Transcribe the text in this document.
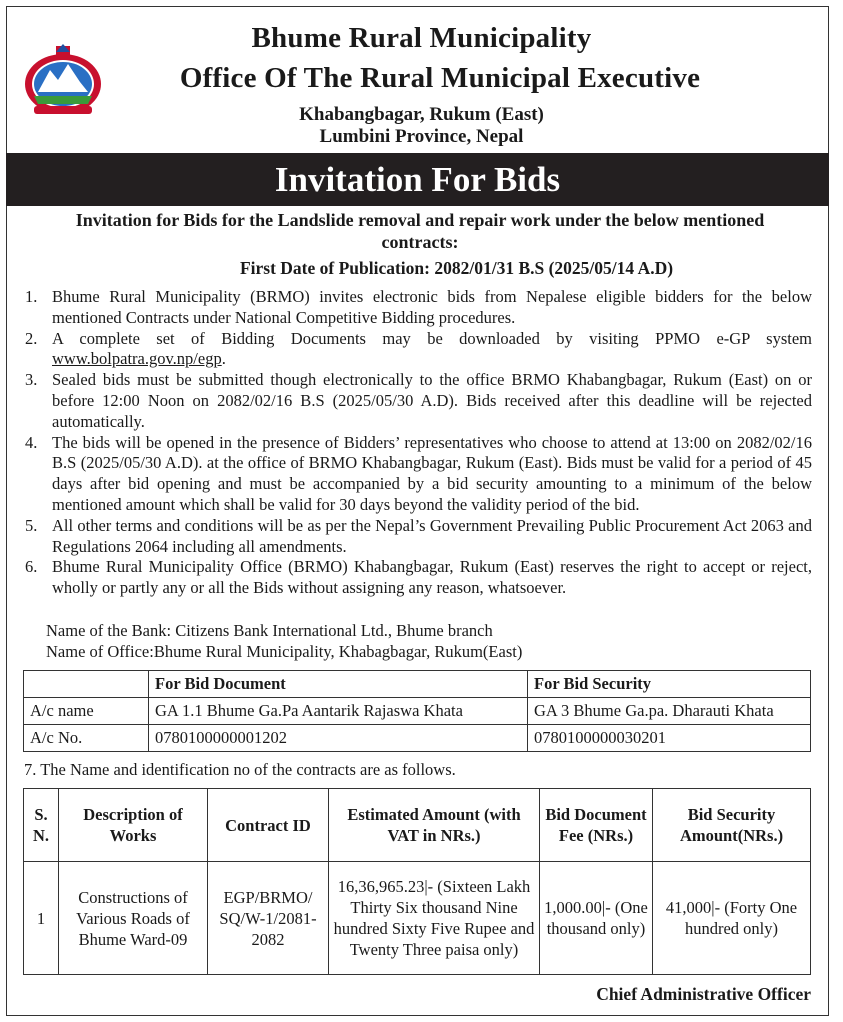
Bhume Rural Municipality
Office Of The Rural Municipal Executive
Khabangbagar, Rukum (East)
Lumbini Province, Nepal
Invitation For Bids
Invitation for Bids for the Landslide removal and repair work under the below mentioned contracts:
First Date of Publication: 2082/01/31 B.S (2025/05/14 A.D)
1. Bhume Rural Municipality (BRMO) invites electronic bids from Nepalese eligible bidders for the below mentioned Contracts under National Competitive Bidding procedures.
2. A complete set of Bidding Documents may be downloaded by visiting PPMO e-GP system www.bolpatra.gov.np/egp.
3. Sealed bids must be submitted though electronically to the office BRMO Khabangbagar, Rukum (East) on or before 12:00 Noon on 2082/02/16 B.S (2025/05/30 A.D). Bids received after this deadline will be rejected automatically.
4. The bids will be opened in the presence of Bidders’ representatives who choose to attend at 13:00 on 2082/02/16 B.S (2025/05/30 A.D). at the office of BRMO Khabangbagar, Rukum (East). Bids must be valid for a period of 45 days after bid opening and must be accompanied by a bid security amounting to a minimum of the below mentioned amount which shall be valid for 30 days beyond the validity period of the bid.
5. All other terms and conditions will be as per the Nepal’s Government Prevailing Public Procurement Act 2063 and Regulations 2064 including all amendments.
6. Bhume Rural Municipality Office (BRMO) Khabangbagar, Rukum (East) reserves the right to accept or reject, wholly or partly any or all the Bids without assigning any reason, whatsoever.
Name of the Bank: Citizens Bank International Ltd., Bhume branch
Name of Office:Bhume Rural Municipality, Khabagbagar, Rukum(East)
	For Bid Document	For Bid Security
A/c name	GA 1.1 Bhume Ga.Pa Aantarik Rajaswa Khata	GA 3 Bhume Ga.pa. Dharauti Khata
A/c No.	0780100000001202	0780100000030201
7. The Name and identification no of the contracts are as follows.
S. N.	Description of Works	Contract ID	Estimated Amount (with VAT in NRs.)	Bid Document Fee (NRs.)	Bid Security Amount(NRs.)
1	Constructions of Various Roads of Bhume Ward-09	EGP/BRMO/ SQ/W-1/2081-2082	16,36,965.23|- (Sixteen Lakh Thirty Six thousand Nine hundred Sixty Five Rupee and Twenty Three paisa only)	1,000.00|- (One thousand only)	41,000|- (Forty One hundred only)
Chief Administrative Officer
